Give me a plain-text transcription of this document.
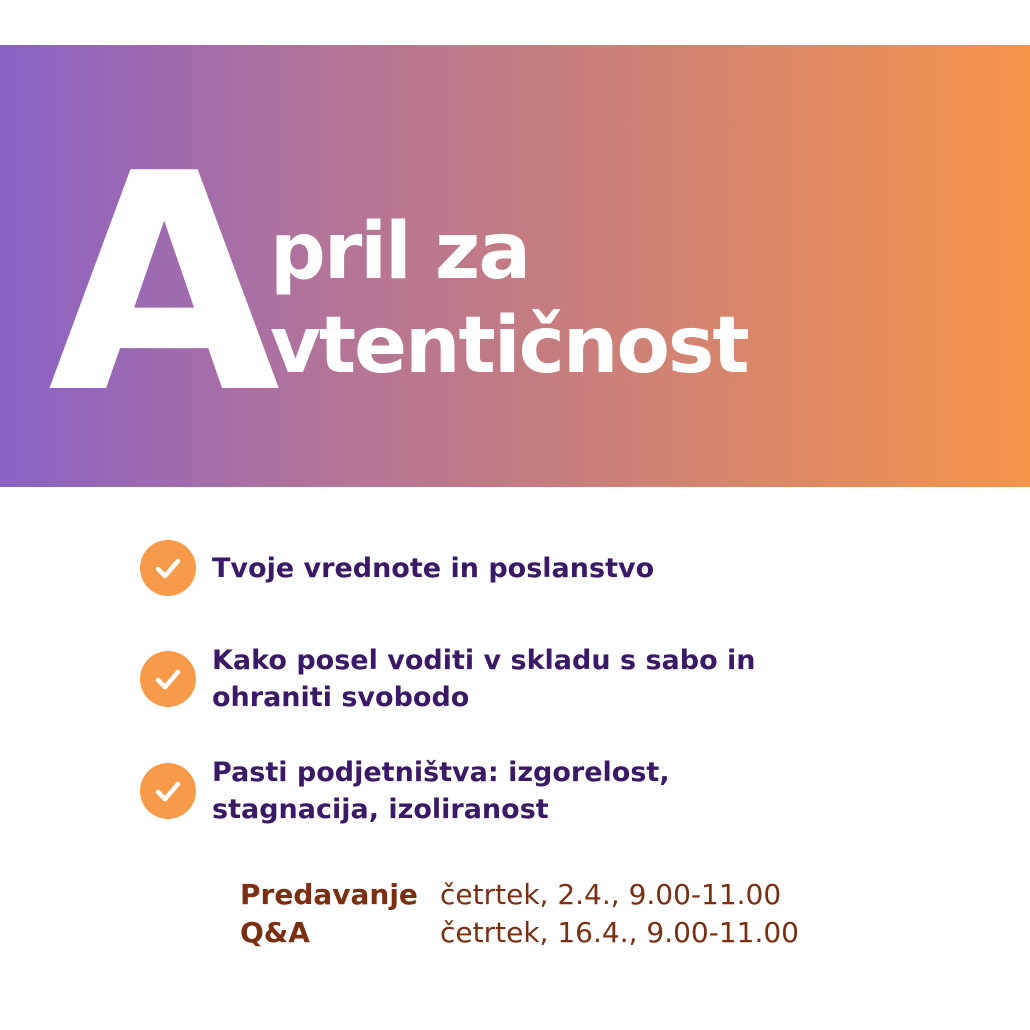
A
pril za
vtentičnost
Tvoje vrednote in poslanstvo
Kako posel voditi v skladu s sabo in ohraniti svobodo
Pasti podjetništva: izgorelost, stagnacija, izoliranost
Predavanje četrtek, 2.4., 9.00-11.00
Q&A	četrtek, 16.4., 9.00-11.00
